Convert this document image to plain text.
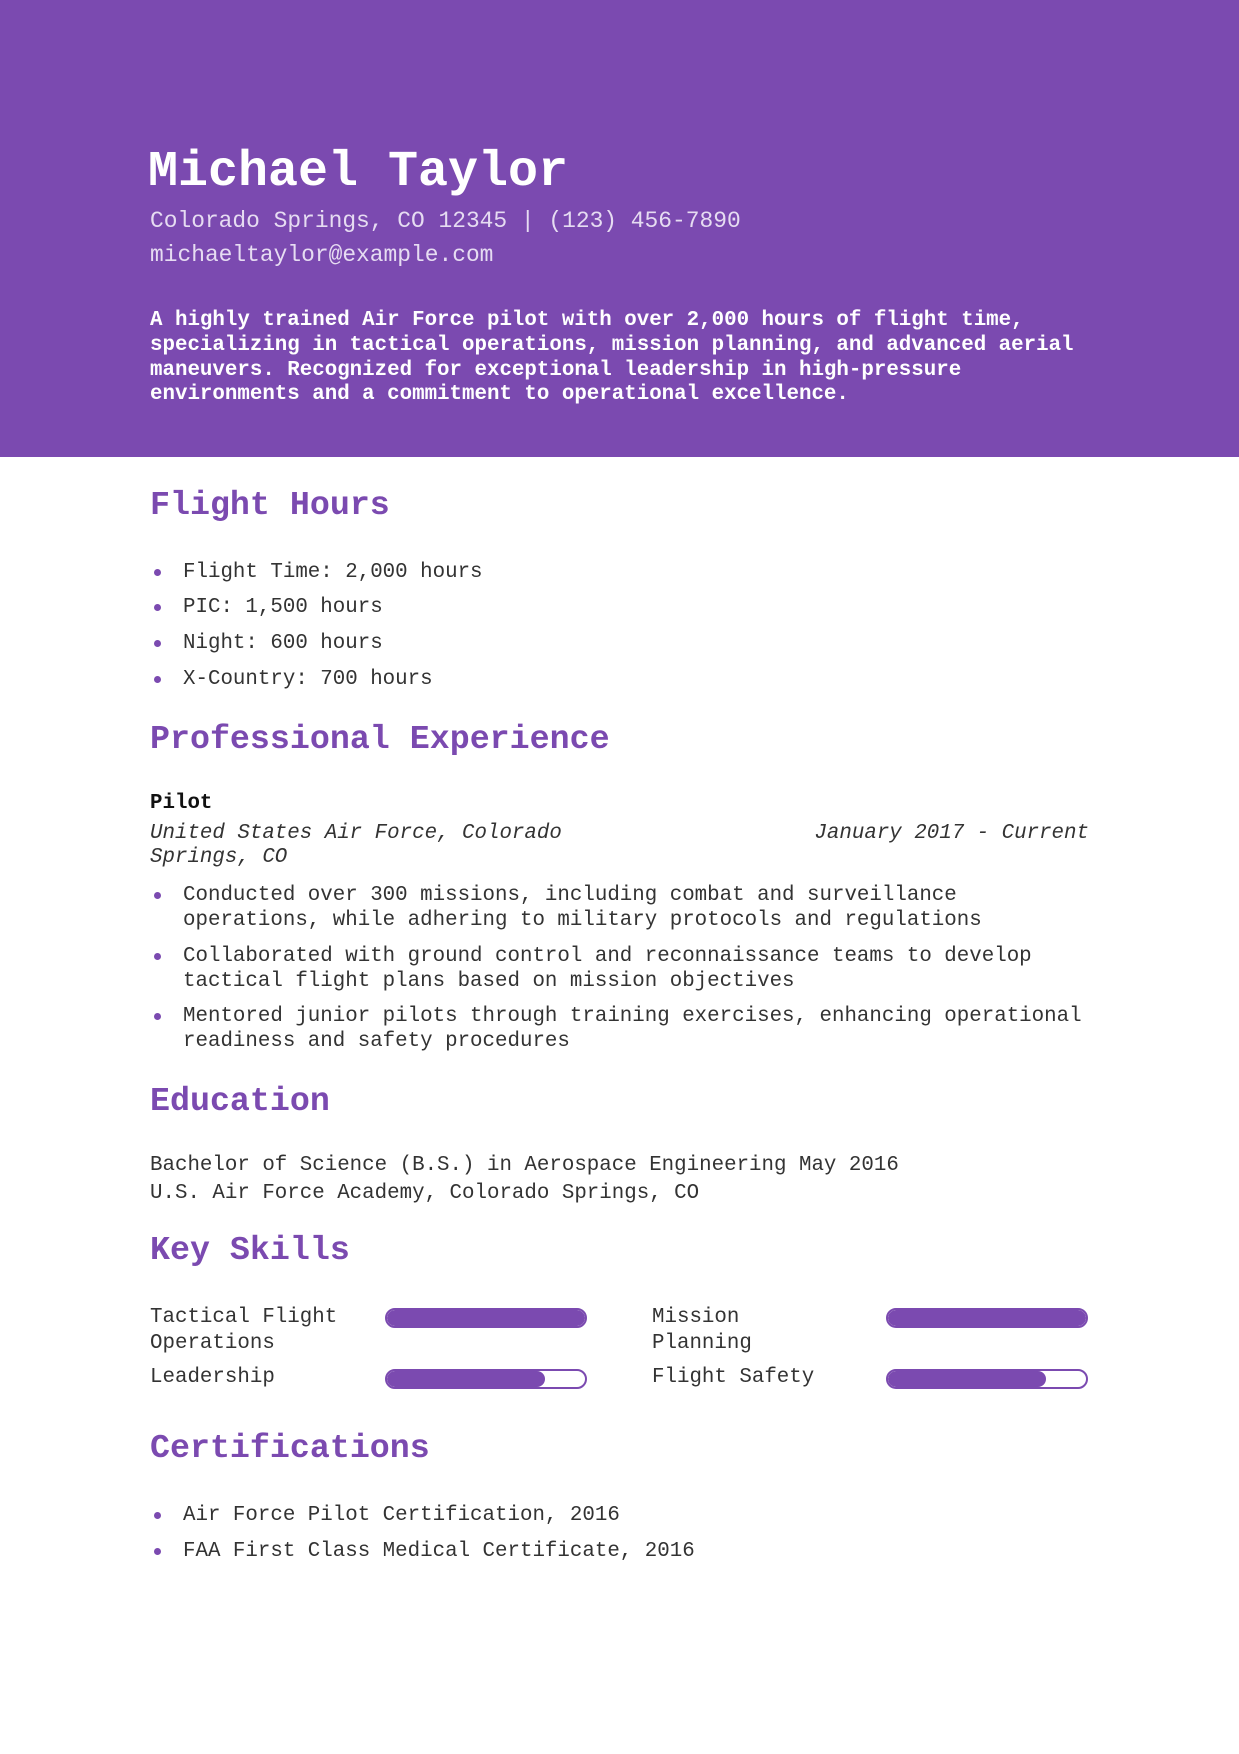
Michael Taylor
Colorado Springs, CO 12345 | (123) 456-7890
michaeltaylor@example.com
A highly trained Air Force pilot with over 2,000 hours of flight time, specializing in tactical operations, mission planning, and advanced aerial maneuvers. Recognized for exceptional leadership in high-pressure environments and a commitment to operational excellence.
Flight Hours
Flight Time: 2,000 hours
PIC: 1,500 hours
Night: 600 hours
X-Country: 700 hours
Professional Experience
Pilot
United States Air Force, Colorado
Springs, CO
January 2017 - Current
Conducted over 300 missions, including combat and surveillance
operations, while adhering to military protocols and regulations
Collaborated with ground control and reconnaissance teams to develop
tactical flight plans based on mission objectives
Mentored junior pilots through training exercises, enhancing operational
readiness and safety procedures
Education
Bachelor of Science (B.S.) in Aerospace Engineering May 2016
U.S. Air Force Academy, Colorado Springs, CO
Key Skills
Tactical Flight
Operations
Mission
Planning
Leadership	Flight Safety
Certifications
Air Force Pilot Certification, 2016
FAA First Class Medical Certificate, 2016
